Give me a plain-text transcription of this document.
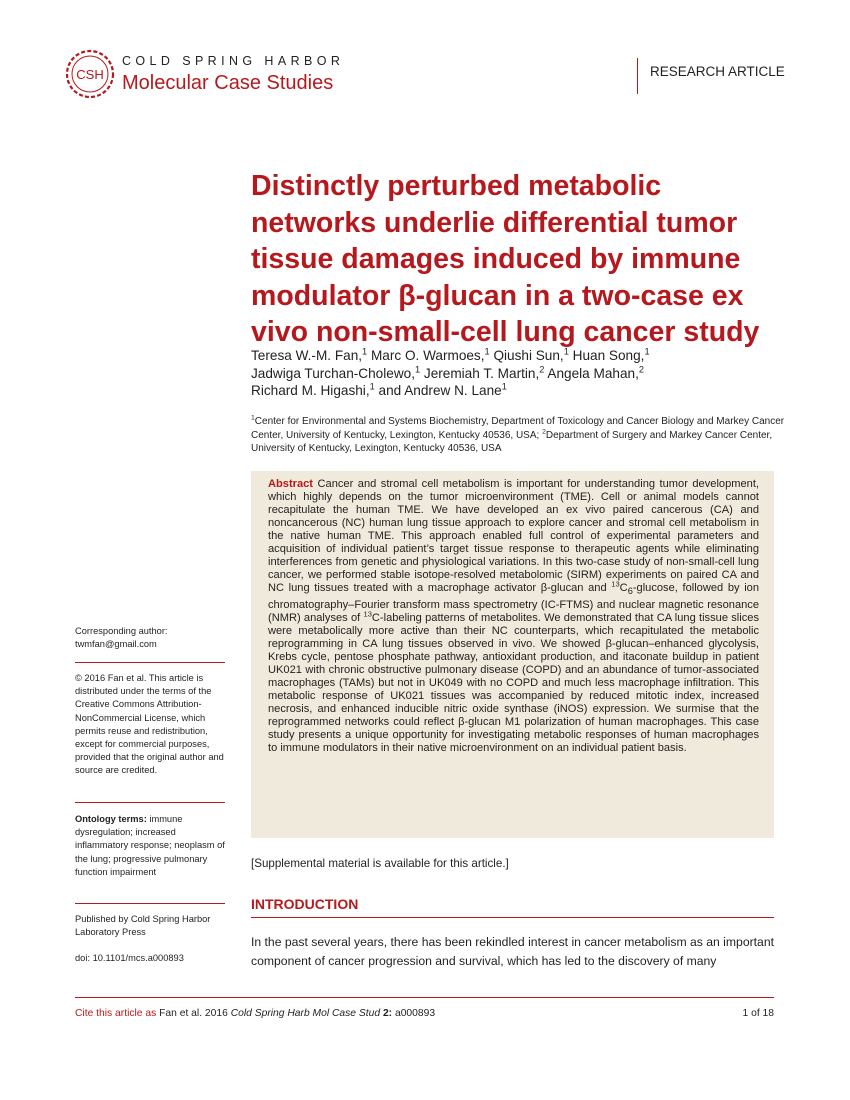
CSH
COLD SPRING HARBOR
Molecular Case Studies
RESEARCH ARTICLE
Distinctly perturbed metabolic networks underlie differential tumor tissue damages induced by immune modulator β-glucan in a two-case ex vivo non-small-cell lung cancer study
Teresa W.-M. Fan,$^1$ Marc O. Warmoes,$^1$ Qiushi Sun,$^1$ Huan Song,$^1$
Jadwiga Turchan-Cholewo,$^1$ Jeremiah T. Martin,$^2$ Angela Mahan,$^2$
Richard M. Higashi,$^1$ and Andrew N. Lane$^1$
$^1$Center for Environmental and Systems Biochemistry, Department of Toxicology and Cancer Biology and Markey Cancer Center, University of Kentucky, Lexington, Kentucky 40536, USA; $^2$Department of Surgery and Markey Cancer Center, University of Kentucky, Lexington, Kentucky 40536, USA

Abstract Cancer and stromal cell metabolism is important for understanding tumor development, which highly depends on the tumor microenvironment (TME). Cell or animal models cannot recapitulate the human TME. We have developed an ex vivo paired cancerous (CA) and noncancerous (NC) human lung tissue approach to explore cancer and stromal cell metabolism in the native human TME. This approach enabled full control of experimental parameters and acquisition of individual patient’s target tissue response to therapeutic agents while eliminating interferences from genetic and physiological variations. In this two-case study of non-small-cell lung cancer, we performed stable isotope-resolved metabolomic (SIRM) experiments on paired CA and NC lung tissues treated with a macrophage activator β-glucan and $^{13}C_6$-glucose, followed by ion chromatography–Fourier transform mass spectrometry (IC-FTMS) and nuclear magnetic resonance (NMR) analyses of $^{13}$C-labeling patterns of metabolites. We demonstrated that CA lung tissue slices were metabolically more active than their NC counterparts, which recapitulated the metabolic reprogramming in CA lung tissues observed in vivo. We showed β-glucan–enhanced glycolysis, Krebs cycle, pentose phosphate pathway, antioxidant production, and itaconate buildup in patient UK021 with chronic obstructive pulmonary disease (COPD) and an abundance of tumor-associated macrophages (TAMs) but not in UK049 with no COPD and much less macrophage infiltration. This metabolic response of UK021 tissues was accompanied by reduced mitotic index, increased necrosis, and enhanced inducible nitric oxide synthase (iNOS) expression. We surmise that the reprogrammed networks could reflect β-glucan M1 polarization of human macrophages. This case study presents a unique opportunity for investigating metabolic responses of human macrophages to immune modulators in their native microenvironment on an individual patient basis.

[Supplemental material is available for this article.]
INTRODUCTION

In the past several years, there has been rekindled interest in cancer metabolism as an important component of cancer progression and survival, which has led to the discovery of many

Corresponding author: twmfan@gmail.com
© 2016 Fan et al. This article is distributed under the terms of the Creative Commons Attribution-NonCommercial License, which permits reuse and redistribution, except for commercial purposes, provided that the original author and source are credited.
Ontology terms: immune dysregulation; increased inflammatory response; neoplasm of the lung; progressive pulmonary function impairment
Published by Cold Spring Harbor Laboratory Press
doi: 10.1101/mcs.a000893
Cite this article as Fan et al. 2016 Cold Spring Harb Mol Case Stud 2: a000893	1 of 18
